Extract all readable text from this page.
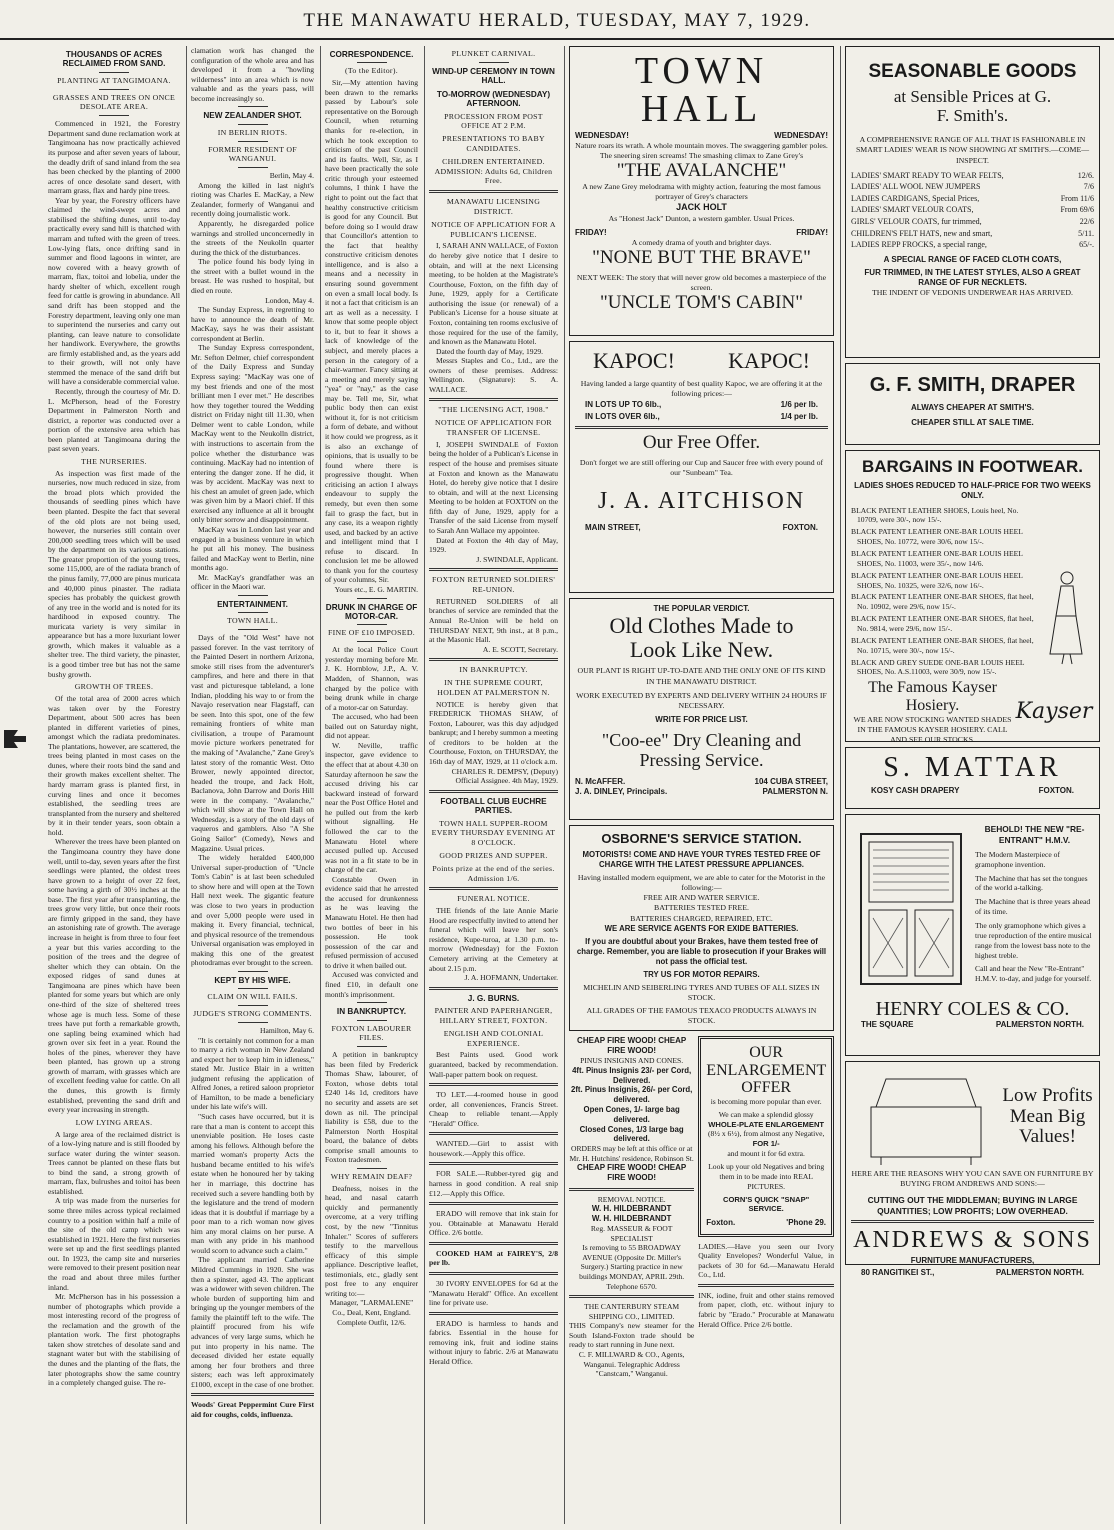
THE MANAWATU HERALD, TUESDAY, MAY 7, 1929.
THOUSANDS OF ACRES RECLAIMED FROM SAND.
PLANTING AT TANGIMOANA.
GRASSES AND TREES ON ONCE DESOLATE AREA.

Commenced in 1921, the Forestry Department sand dune reclamation work at Tangimoana has now practically achieved its purpose and after seven years of labour, the deadly drift of sand inland from the sea has been checked by the planting of 2000 acres of once desolate sand desert, with marram grass, flax and hardy pine trees.

Year by year, the Forestry officers have claimed the wind-swept acres and stabilised the shifting dunes, until to-day practically every sand hill is thatched with marram and tufted with the green of trees. Low-lying flats, once drifting sand in summer and flood lagoons in winter, are now covered with a heavy growth of marram, flax, toitoi and lobelia, under the hardy shelter of which, excellent rough feed for cattle is growing in abundance. All sand drift has been stopped and the Forestry department, leaving only one man to superintend the nurseries and carry out planting, can leave nature to consolidate her handiwork. Everywhere, the growths are firmly established and, as the years add to their growth, will not only have stemmed the menace of the sand drift but will have a considerable commercial value.

Recently, through the courtesy of Mr. D. L. McPherson, head of the Forestry Department in Palmerston North and district, a reporter was conducted over a portion of the extensive area which has been planted at Tangimoana during the past seven years.

THE NURSERIES.

As inspection was first made of the nurseries, now much reduced in size, from the broad plots which provided the thousands of seedling pines which have been planted. Despite the fact that several of the old plots are not being used, however, the nurseries still contain over 200,000 seedling trees which will be used by the department on its various stations. The greater proportion of the young trees, some 115,000, are of the radiata branch of the pinus family, 77,000 are pinus muricata and 40,000 pinus pinaster. The radiata species has probably the quickest growth of any tree in the world and is noted for its hardihood in exposed country. The muricata variety is very similar in appearance but has a more luxuriant lower growth, which makes it valuable as a shelter tree. The third variety, the pinaster, is a good timber tree but has not the same bushy growth.

GROWTH OF TREES.

Of the total area of 2000 acres which was taken over by the Forestry Department, about 500 acres has been planted in different varieties of pines, amongst which the radiata predominates. The plantations, however, are scattered, the trees being planted in most cases on the dunes, where their roots bind the sand and their growth makes excellent shelter. The hardy marram grass is planted first, in curving lines and once it becomes established, the seedling trees are transplanted from the nursery and sheltered by it in their tender years, soon obtain a hold.

Wherever the trees have been planted on the Tangimoana country they have done well, until to-day, seven years after the first seedlings were planted, the oldest trees have grown to a height of over 22 feet, some having a girth of 30½ inches at the base. The first year after transplanting, the trees grow very little, but once their roots are firmly gripped in the sand, they have an astonishing rate of growth. The average increase in height is from three to four feet a year but this varies according to the position of the trees and the degree of shelter which they can obtain. On the exposed ridges of sand dunes at Tangimoana are pines which have been planted for some years but which are only one-third of the size of sheltered trees whose age is much less. Some of these trees have put forth a remarkable growth, one sapling being examined which had grown over six feet in a year. Round the holes of the pines, wherever they have been planted, has grown up a strong growth of marram, with grasses which are of excellent feeding value for cattle. On all the dunes, this growth is firmly established, preventing the sand drift and every year increasing in strength.

LOW LYING AREAS.

A large area of the reclaimed district is of a low-lying nature and is still flooded by surface water during the winter season. Trees cannot be planted on these flats but to bind the sand, a strong growth of marram, flax, bulrushes and toitoi has been established.

A trip was made from the nurseries for some three miles across typical reclaimed country to a position within half a mile of the site of the old camp which was established in 1921. Here the first nurseries were set up and the first seedlings planted out. In 1923, the camp site and nurseries were removed to their present position near the road and about three miles further inland.

Mr. McPherson has in his possession a number of photographs which provide a most interesting record of the progress of the reclamation and the growth of the plantation work. The first photographs taken show stretches of desolate sand and stagnant water but with the stabilising of the dunes and the planting of the flats, the later photographs show the same country in a completely changed guise. The re-

clamation work has changed the configuration of the whole area and has developed it from a "howling wilderness" into an area which is now valuable and as the years pass, will become increasingly so.

NEW ZEALANDER SHOT.
IN BERLIN RIOTS.
FORMER RESIDENT OF WANGANUI.

Berlin, May 4.

Among the killed in last night's rioting was Charles E. MacKay, a New Zealander, formerly of Wanganui and recently doing journalistic work.

Apparently, he disregarded police warnings and strolled unconcernedly in the streets of the Neukolln quarter during the thick of the disturbances.

The police found his body lying in the street with a bullet wound in the breast. He was rushed to hospital, but died en route.

London, May 4.

The Sunday Express, in regretting to have to announce the death of Mr. MacKay, says he was their assistant correspondent at Berlin.

The Sunday Express correspondent, Mr. Sefton Delmer, chief correspondent of the Daily Express and Sunday Express saying: "MacKay was one of my best friends and one of the most brilliant men I ever met." He describes how they together toured the Wedding district on Friday night till 11.30, when Delmer went to cable London, while MacKay went to the Neukolln district, with instructions to ascertain from the police whether the disturbance was continuing. MacKay had no intention of entering the danger zone. If he did, it was by accident. MacKay was next to his chest an amulet of green jade, which was given him by a Maori chief. If this exercised any influence at all it brought only bitter sorrow and disappointment.

MacKay was in London last year and engaged in a business venture in which he put all his money. The business failed and MacKay went to Berlin, nine months ago.

Mr. MacKay's grandfather was an officer in the Maori war.

ENTERTAINMENT.
TOWN HALL.

Days of the "Old West" have not passed forever. In the vast territory of the Painted Desert in northern Arizona, smoke still rises from the adventurer's campfires, and here and there in that vast and picturesque tableland, a lone Indian, plodding his way to or from the Navajo reservation near Flagstaff, can be seen. Into this spot, one of the few remaining frontiers of white man civilisation, a troupe of Paramount movie picture workers penetrated for the making of "Avalanche," Zane Grey's latest story of the romantic West. Otto Brower, newly appointed director, headed the troupe, and Jack Holt, Baclanova, John Darrow and Doris Hill were in the company. "Avalanche," which will show at the Town Hall on Wednesday, is a story of the old days of vaqueros and gamblers. Also "A She Going Sailor" (Comedy), News and Magazine. Usual prices.

The widely heralded £400,000 Universal super-production of "Uncle Tom's Cabin" is at last been scheduled to show here and will open at the Town Hall next week. The gigantic feature was close to two years in production and over 5,000 people were used in making it. Every financial, technical, and physical resource of the tremendous Universal organisation was employed in making this one of the greatest photodramas ever brought to the screen.

KEPT BY HIS WIFE.
CLAIM ON WILL FAILS.
JUDGE'S STRONG COMMENTS.

Hamilton, May 6.

"It is certainly not common for a man to marry a rich woman in New Zealand and expect her to keep him in idleness," stated Mr. Justice Blair in a written judgment refusing the application of Alfred Jones, a retired saloon proprietor of Hamilton, to be made a beneficiary under his late wife's will.

"Such cases have occurred, but it is rare that a man is content to accept this unenviable position. He loses caste among his fellows. Although before the married woman's property Acts the husband became entitled to his wife's estate when he honoured her by taking her in marriage, this doctrine has received such a severe handling both by the legislature and the trend of modern ideas that it is doubtful if marriage by a poor man to a rich woman now gives him any moral claims on her purse. A man with any pride in his manhood would scorn to advance such a claim."

The applicant married Catherine Mildred Cummings in 1920. She was then a spinster, aged 43. The applicant was a widower with seven children. The whole burden of supporting him and bringing up the younger members of the family the plaintiff left to the wife. The plaintiff procured from his wife advances of very large sums, which he put into property in his name. The deceased divided her estate equally among her four brothers and three sisters; each was left approximately £1000, except in the case of one brother.

Woods' Great Peppermint Cure First aid for coughs, colds, influenza.

CORRESPONDENCE.
(To the Editor).

Sir,—My attention having been drawn to the remarks passed by Labour's sole representative on the Borough Council, when returning thanks for re-election, in which he took exception to criticism of the past Council and its faults. Well, Sir, as I have been practically the sole critic through your esteemed columns, I think I have the right to point out the fact that healthy constructive criticism is good for any Council. But before doing so I would draw that Councillor's attention to the fact that healthy constructive criticism denotes intelligence, and is also a means and a necessity in ensuring sound government on even a small local body. Is it not a fact that criticism is an art as well as a necessity. I know that some people object to it, but to fear it shows a lack of knowledge of the subject, and merely places a person in the category of a chair-warmer. Fancy sitting at a meeting and merely saying "yea" or "nay," as the case may be. Tell me, Sir, what public body then can exist without it, for is not criticism a form of debate, and without it how could we progress, as it is also an exchange of opinions, that is usually to be found where there is progressive thought. When criticising an action I always endeavour to supply the remedy, but even then some fail to grasp the fact, but in any case, its a weapon rightly used, and backed by an active and intelligent mind that I refuse to discard. In conclusion let me be allowed to thank you for the courtesy of your columns, Sir.

Yours etc., E. G. MARTIN.

DRUNK IN CHARGE OF MOTOR-CAR.
FINE OF £10 IMPOSED.

At the local Police Court yesterday morning before Mr. J. K. Hornblow, J.P., A. V. Madden, of Shannon, was charged by the police with being drunk while in charge of a motor-car on Saturday.

The accused, who had been bailed out on Saturday night, did not appear.

W. Neville, traffic inspector, gave evidence to the effect that at about 4.30 on Saturday afternoon he saw the accused driving his car backward instead of forward near the Post Office Hotel and he pulled out from the kerb without signalling. He followed the car to the Manawatu Hotel where accused pulled up. Accused was not in a fit state to be in charge of the car.

Constable Owen in evidence said that he arrested the accused for drunkenness as he was leaving the Manawatu Hotel. He then had two bottles of beer in his possession. He took possession of the car and refused permission of accused to drive it when bailed out.

Accused was convicted and fined £10, in default one month's imprisonment.

IN BANKRUPTCY.
FOXTON LABOURER FILES.

A petition in bankruptcy has been filed by Frederick Thomas Shaw, labourer, of Foxton, whose debts total £240 14s 1d, creditors have no security and assets are set down as nil. The principal liability is £58, due to the Palmerston North Hospital board, the balance of debts comprise small amounts to Foxton tradesmen.

WHY REMAIN DEAF?

Deafness, noises in the head, and nasal catarrh quickly and permanently overcome, at a very trifling cost, by the new "Tinnitus Inhaler." Scores of sufferers testify to the marvellous efficacy of this simple appliance. Descriptive leaflet, testimonials, etc., gladly sent post free to any enquirer writing to:—

Manager, "LARMALENE" Co., Deal, Kent, England. Complete Outfit, 12/6.

PLUNKET CARNIVAL.
WIND-UP CEREMONY IN TOWN HALL.
TO-MORROW (WEDNESDAY) AFTERNOON.
PROCESSION FROM POST OFFICE AT 2 P.M.
PRESENTATIONS TO BABY CANDIDATES.
CHILDREN ENTERTAINED. ADMISSION: Adults 6d, Children Free.
MANAWATU LICENSING DISTRICT.
NOTICE OF APPLICATION FOR A PUBLICAN'S LICENSE.

I, SARAH ANN WALLACE, of Foxton do hereby give notice that I desire to obtain, and will at the next Licensing meeting, to be holden at the Magistrate's Courthouse, Foxton, on the fifth day of June, 1929, apply for a Certificate authorising the issue (or renewal) of a Publican's License for a house situate at Foxton, containing ten rooms exclusive of those required for the use of the family, and known as the Manawatu Hotel.

Dated the fourth day of May, 1929.

Messrs Staples and Co., Ltd., are the owners of these premises. Address: Wellington. (Signature): S. A. WALLACE.

"THE LICENSING ACT, 1908."
NOTICE OF APPLICATION FOR TRANSFER OF LICENSE.

I, JOSEPH SWINDALE of Foxton being the holder of a Publican's License in respect of the house and premises situate at Foxton and known as the Manawatu Hotel, do hereby give notice that I desire to obtain, and will at the next Licensing Meeting to be holden at FOXTON on the fifth day of June, 1929, apply for a Transfer of the said License from myself to Sarah Ann Wallace my appointee.

Dated at Foxton the 4th day of May, 1929.

J. SWINDALE, Applicant.

FOXTON RETURNED SOLDIERS' RE-UNION.

RETURNED SOLDIERS of all branches of service are reminded that the Annual Re-Union will be held on THURSDAY NEXT, 9th inst., at 8 p.m., at the Masonic Hall.

A. E. SCOTT, Secretary.

IN BANKRUPTCY.
IN THE SUPREME COURT, HOLDEN AT PALMERSTON N.

NOTICE is hereby given that FREDERICK THOMAS SHAW, of Foxton, Labourer, was this day adjudged bankrupt; and I hereby summon a meeting of creditors to be holden at the Courthouse, Foxton, on THURSDAY, the 16th day of MAY, 1929, at 11 o'clock a.m.

CHARLES R. DEMPSY, (Deputy) Official Assignee. 4th May, 1929.

FOOTBALL CLUB EUCHRE PARTIES.
TOWN HALL SUPPER-ROOM EVERY THURSDAY EVENING AT 8 O'CLOCK.
GOOD PRIZES AND SUPPER.
Points prize at the end of the series. Admission 1/6.
FUNERAL NOTICE.

THE friends of the late Annie Marie Hood are respectfully invited to attend her funeral which will leave her son's residence, Kupe-turoa, at 1.30 p.m. to-morrow (Wednesday) for the Foxton Cemetery arriving at the Cemetery at about 2.15 p.m.

J. A. HOFMANN, Undertaker.

J. G. BURNS.
PAINTER AND PAPERHANGER, HILLARY STREET, FOXTON.
ENGLISH AND COLONIAL EXPERIENCE.

Best Paints used. Good work guaranteed, backed by recommendation. Wall-paper pattern book on request.

TO LET.—4-roomed house in good order, all conveniences, Francis Street. Cheap to reliable tenant.—Apply "Herald" Office.

WANTED.—Girl to assist with housework.—Apply this office.

FOR SALE.—Rubber-tyred gig and harness in good condition. A real snip £12.—Apply this Office.

ERADO will remove that ink stain for you. Obtainable at Manawatu Herald Office. 2/6 bottle.

COOKED HAM at FAIREY'S, 2/8 per lb.

30 IVORY ENVELOPES for 6d at the "Manawatu Herald" Office. An excellent line for private use.

ERADO is harmless to hands and fabrics. Essential in the house for removing ink, fruit and iodine stains without injury to fabric. 2/6 at Manawatu Herald Office.

TOWN HALL
WEDNESDAY!	WEDNESDAY!
Nature roars its wrath. A whole mountain moves. The swaggering gambler poles. The sneering siren screams! The smashing climax to Zane Grey's
"THE AVALANCHE"
A new Zane Grey melodrama with mighty action, featuring the most famous portrayer of Grey's characters
JACK HOLT
As "Honest Jack" Dunton, a western gambler. Usual Prices.
FRIDAY!	FRIDAY!
A comedy drama of youth and brighter days.
"NONE BUT THE BRAVE"
NEXT WEEK: The story that will never grow old becomes a masterpiece of the screen.
"UNCLE TOM'S CABIN"
KAPOC! KAPOC!
Having landed a large quantity of best quality Kapoc, we are offering it at the following prices:—
IN LOTS UP TO 6lb.,	1/6 per lb.
IN LOTS OVER 6lb.,	1/4 per lb.
Our Free Offer.
Don't forget we are still offering our Cup and Saucer free with every pound of our "Sunbeam" Tea.
J. A. AITCHISON
MAIN STREET,	FOXTON.
THE POPULAR VERDICT.
Old Clothes Made to Look Like New.
OUR PLANT IS RIGHT UP-TO-DATE AND THE ONLY ONE OF ITS KIND IN THE MANAWATU DISTRICT.
WORK EXECUTED BY EXPERTS AND DELIVERY WITHIN 24 HOURS IF NECESSARY.
WRITE FOR PRICE LIST.
"Coo-ee" Dry Cleaning and Pressing Service.
N. McAFFER.	104 CUBA STREET,
J. A. DINLEY, Principals.	PALMERSTON N.
OSBORNE'S SERVICE STATION.
MOTORISTS! COME AND HAVE YOUR TYRES TESTED FREE OF CHARGE WITH THE LATEST PRESSURE APPLIANCES.
Having installed modern equipment, we are able to cater for the Motorist in the following:—
FREE AIR AND WATER SERVICE.
BATTERIES TESTED FREE.
BATTERIES CHARGED, REPAIRED, ETC.
WE ARE SERVICE AGENTS FOR EXIDE BATTERIES.
If you are doubtful about your Brakes, have them tested free of charge. Remember, you are liable to prosecution if your Brakes will not pass the official test.
TRY US FOR MOTOR REPAIRS.
MICHELIN AND SEIBERLING TYRES AND TUBES OF ALL SIZES IN STOCK.
ALL GRADES OF THE FAMOUS TEXACO PRODUCTS ALWAYS IN STOCK.
CHEAP FIRE WOOD! CHEAP FIRE WOOD!
PINUS INSIGNIS AND CONES.
4ft. Pinus Insignis 23/- per Cord, Delivered.
2ft. Pinus Insignis, 26/- per Cord, delivered.
Open Cones, 1/- large bag delivered.
Closed Cones, 1/3 large bag delivered.
ORDERS may be left at this office or at Mr. H. Hutchins' residence, Robinson St.
CHEAP FIRE WOOD! CHEAP FIRE WOOD!
REMOVAL NOTICE.
W. H. HILDEBRANDT
W. H. HILDEBRANDT
Reg. MASSEUR & FOOT SPECIALIST
Is removing to 55 BROADWAY AVENUE (Opposite Dr. Miller's Surgery.) Starting practice in new buildings MONDAY, APRIL 29th. Telephone 6570.
THE CANTERBURY STEAM SHIPPING CO., LIMITED.
THIS Company's new steamer for the South Island-Foxton trade should be ready to start running in June next.
C. F. MILLWARD & CO., Agents, Wanganui. Telegraphic Address "Canstcam," Wanganui.
OUR ENLARGEMENT OFFER
is becoming more popular than ever.
We can make a splendid glossy
WHOLE-PLATE ENLARGEMENT
(8½ x 6½), from almost any Negative,
FOR 1/-
and mount it for 6d extra.
Look up your old Negatives and bring them in to be made into REAL PICTURES.
CORN'S QUICK "SNAP" SERVICE.
Foxton.	'Phone 29.
LADIES.—Have you seen our Ivory Quality Envelopes? Wonderful Value, in packets of 30 for 6d.—Manawatu Herald Co., Ltd.
INK, iodine, fruit and other stains removed from paper, cloth, etc. without injury to fabric by "Erado." Procurable at Manawatu Herald Office. Price 2/6 bottle.
SEASONABLE GOODS
at Sensible Prices at G. F. Smith's.
A COMPREHENSIVE RANGE OF ALL THAT IS FASHIONABLE IN SMART LADIES' WEAR IS NOW SHOWING AT SMITH'S.—COME—INSPECT.
LADIES' SMART READY TO WEAR FELTS,	12/6.
LADIES' ALL WOOL NEW JUMPERS	7/6
LADIES CARDIGANS, Special Prices,	From 11/6
LADIES' SMART VELOUR COATS,	From 69/6
GIRLS' VELOUR COATS, fur trimmed,	22/6
CHILDREN'S FELT HATS, new and smart,	5/11.
LADIES REPP FROCKS, a special range,	65/-.
A SPECIAL RANGE OF FACED CLOTH COATS,
FUR TRIMMED, IN THE LATEST STYLES, ALSO A GREAT RANGE OF FUR NECKLETS.
THE INDENT OF VEDONIS UNDERWEAR HAS ARRIVED.
G. F. SMITH, DRAPER
ALWAYS CHEAPER AT SMITH'S.
CHEAPER STILL AT SALE TIME.
BARGAINS IN FOOTWEAR.
LADIES SHOES REDUCED TO HALF-PRICE FOR TWO WEEKS ONLY.
BLACK PATENT LEATHER SHOES, Louis heel, No. 10709, were 30/-, now 15/-.
BLACK PATENT LEATHER ONE-BAR LOUIS HEEL SHOES, No. 10772, were 30/6, now 15/-.
BLACK PATENT LEATHER ONE-BAR LOUIS HEEL SHOES, No. 11003, were 35/-, now 14/6.
BLACK PATENT LEATHER ONE-BAR LOUIS HEEL SHOES, No. 10325, were 32/6, now 16/-.
BLACK PATENT LEATHER ONE-BAR SHOES, flat heel, No. 10902, were 29/6, now 15/-.
BLACK PATENT LEATHER ONE-BAR SHOES, flat heel, No. 9814, were 29/6, now 15/-.
BLACK PATENT LEATHER ONE-BAR SHOES, flat heel, No. 10715, were 30/-, now 15/-.
BLACK AND GREY SUEDE ONE-BAR LOUIS HEEL SHOES, No. A.S.11003, were 30/9, now 15/-.
The Famous Kayser Hosiery.
WE ARE NOW STOCKING WANTED SHADES IN THE FAMOUS KAYSER HOSIERY. CALL AND SEE OUR STOCKS.
Kayser
S. MATTAR
KOSY CASH DRAPERY	FOXTON.
BEHOLD! THE NEW "RE-ENTRANT" H.M.V.
The Modern Masterpiece of gramophone invention.
The Machine that has set the tongues of the world a-talking.
The Machine that is three years ahead of its time.
The only gramophone which gives a true reproduction of the entire musical range from the lowest bass note to the highest treble.
Call and hear the New "Re-Entrant" H.M.V. to-day, and judge for yourself.
HENRY COLES & CO.
THE SQUARE	PALMERSTON NORTH.
Low Profits Mean Big Values!
HERE ARE THE REASONS WHY YOU CAN SAVE ON FURNITURE BY BUYING FROM ANDREWS AND SONS:—
CUTTING OUT THE MIDDLEMAN; BUYING IN LARGE QUANTITIES; LOW PROFITS; LOW OVERHEAD.
ANDREWS & SONS
FURNITURE MANUFACTURERS,
80 RANGITIKEI ST.,	PALMERSTON NORTH.
